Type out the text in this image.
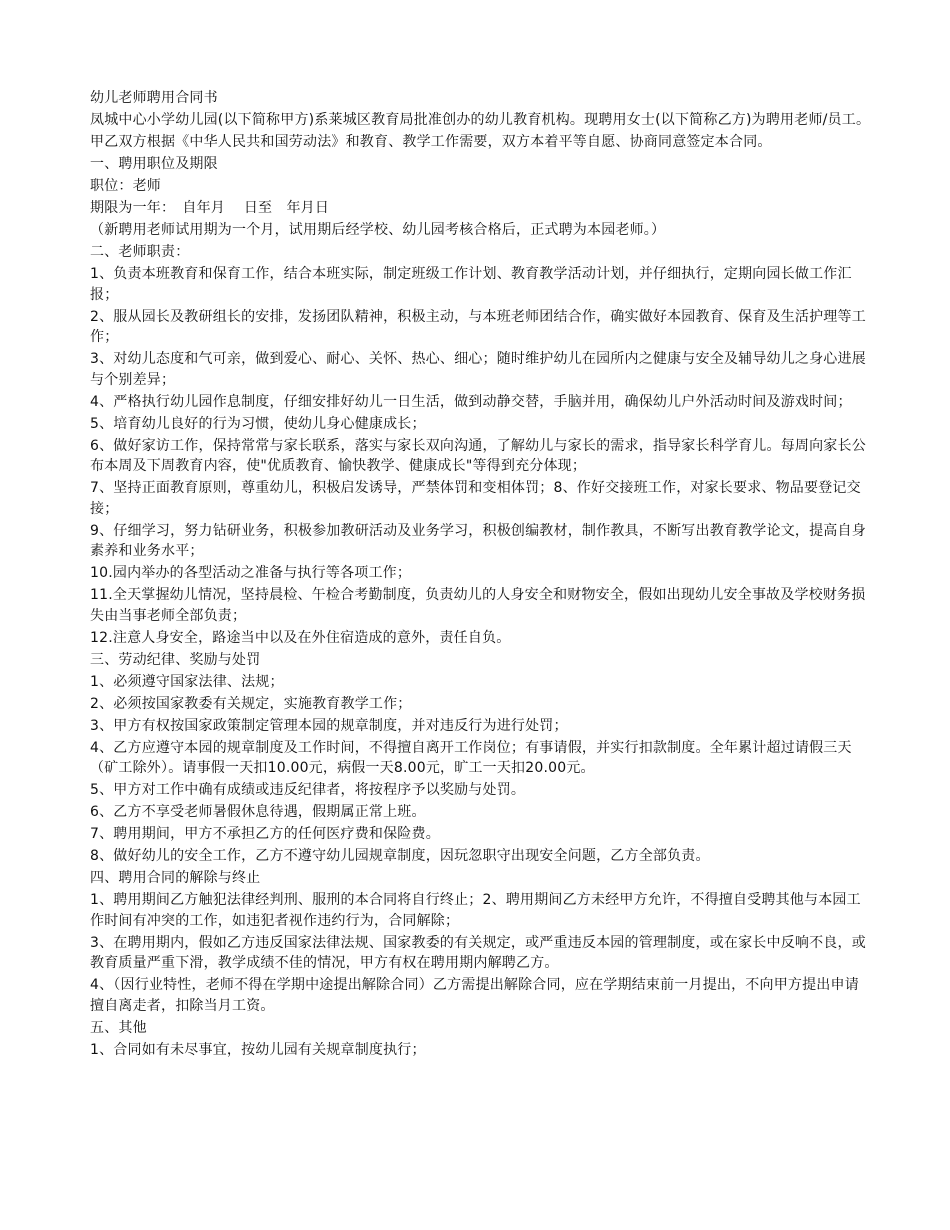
幼儿老师聘用合同书

凤城中心小学幼儿园(以下简称甲方)系莱城区教育局批准创办的幼儿教育机构。现聘用女士(以下简称乙方)为聘用老师/员工。

甲乙双方根据《中华人民共和国劳动法》和教育、教学工作需要，双方本着平等自愿、协商同意签定本合同。

一、聘用职位及期限

职位：老师

期限为一年：　自年月　 日至　年月日

（新聘用老师试用期为一个月，试用期后经学校、幼儿园考核合格后，正式聘为本园老师。）

二、老师职责：

1、负责本班教育和保育工作，结合本班实际，制定班级工作计划、教育教学活动计划，并仔细执行，定期向园长做工作汇报；

2、服从园长及教研组长的安排，发扬团队精神，积极主动，与本班老师团结合作，确实做好本园教育、保育及生活护理等工作；

3、对幼儿态度和气可亲，做到爱心、耐心、关怀、热心、细心；随时维护幼儿在园所内之健康与安全及辅导幼儿之身心进展与个别差异；

4、严格执行幼儿园作息制度，仔细安排好幼儿一日生活，做到动静交替，手脑并用，确保幼儿户外活动时间及游戏时间；

5、培育幼儿良好的行为习惯，使幼儿身心健康成长；

6、做好家访工作，保持常常与家长联系，落实与家长双向沟通，了解幼儿与家长的需求，指导家长科学育儿。每周向家长公布本周及下周教育内容，使"优质教育、愉快教学、健康成长"等得到充分体现；

7、坚持正面教育原则，尊重幼儿，积极启发诱导，严禁体罚和变相体罚；8、作好交接班工作，对家长要求、物品要登记交接；

9、仔细学习，努力钻研业务，积极参加教研活动及业务学习，积极创编教材，制作教具，不断写出教育教学论文，提高自身素养和业务水平；

10.园内举办的各型活动之准备与执行等各项工作；

11.全天掌握幼儿情况，坚持晨检、午检合考勤制度，负责幼儿的人身安全和财物安全，假如出现幼儿安全事故及学校财务损失由当事老师全部负责；

12.注意人身安全，路途当中以及在外住宿造成的意外，责任自负。

三、劳动纪律、奖励与处罚

1、必须遵守国家法律、法规；

2、必须按国家教委有关规定，实施教育教学工作；

3、甲方有权按国家政策制定管理本园的规章制度，并对违反行为进行处罚；

4、乙方应遵守本园的规章制度及工作时间，不得擅自离开工作岗位；有事请假，并实行扣款制度。全年累计超过请假三天（矿工除外）。请事假一天扣10.00元，病假一天8.00元，旷工一天扣20.00元。

5、甲方对工作中确有成绩或违反纪律者，将按程序予以奖励与处罚。

6、乙方不享受老师暑假休息待遇，假期属正常上班。

7、聘用期间，甲方不承担乙方的任何医疗费和保险费。

8、做好幼儿的安全工作，乙方不遵守幼儿园规章制度，因玩忽职守出现安全问题，乙方全部负责。

四、聘用合同的解除与终止

1、聘用期间乙方触犯法律经判刑、服刑的本合同将自行终止；2、聘用期间乙方未经甲方允许，不得擅自受聘其他与本园工作时间有冲突的工作，如违犯者视作违约行为，合同解除；

3、在聘用期内，假如乙方违反国家法律法规、国家教委的有关规定，或严重违反本园的管理制度，或在家长中反响不良，或教育质量严重下滑，教学成绩不佳的情况，甲方有权在聘用期内解聘乙方。

4、（因行业特性，老师不得在学期中途提出解除合同）乙方需提出解除合同，应在学期结束前一月提出，不向甲方提出申请擅自离走者，扣除当月工资。

五、其他

1、合同如有未尽事宜，按幼儿园有关规章制度执行；
